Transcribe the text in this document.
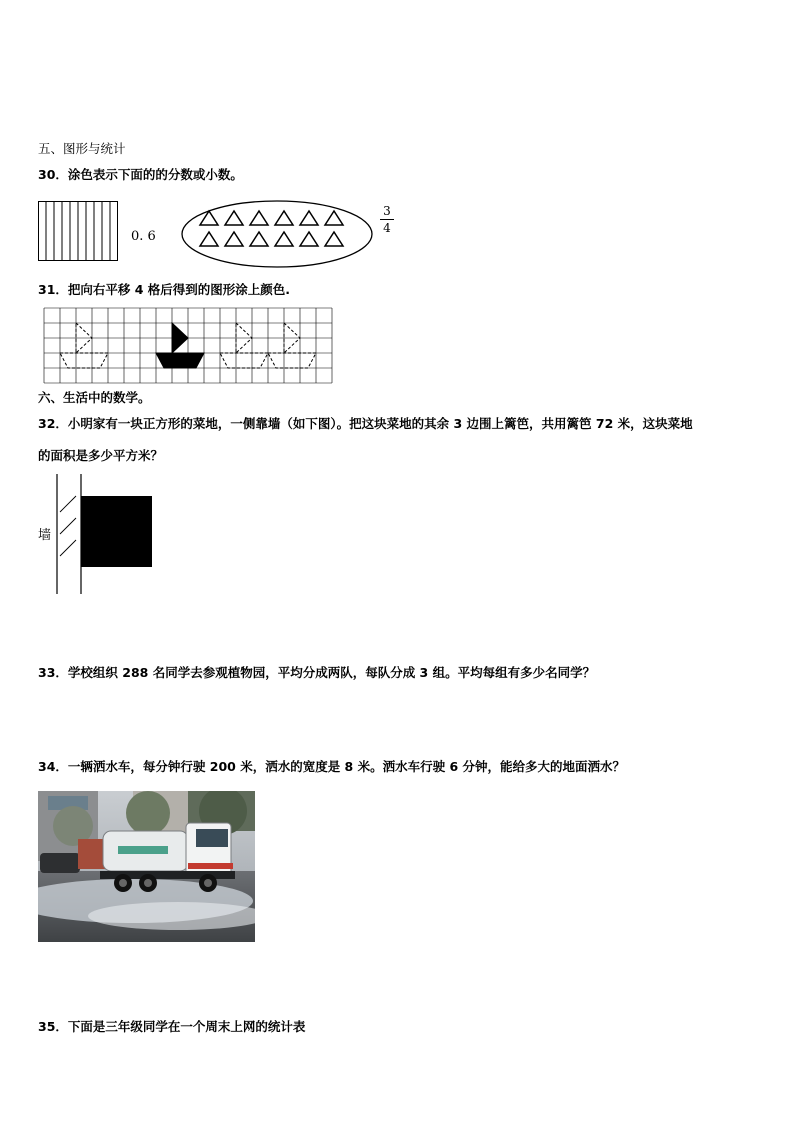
五、图形与统计
30．涂色表示下面的的分数或小数。
0. 6
3
4
31．把向右平移 4 格后得到的图形涂上颜色.
六、生活中的数学。
32．小明家有一块正方形的菜地，一侧靠墙（如下图）。把这块菜地的其余 3 边围上篱笆，共用篱笆 72 米，这块菜地
的面积是多少平方米？
墙
33．学校组织 288 名同学去参观植物园，平均分成两队，每队分成 3 组。平均每组有多少名同学？
34．一辆洒水车，每分钟行驶 200 米，洒水的宽度是 8 米。洒水车行驶 6 分钟，能给多大的地面洒水？
35．下面是三年级同学在一个周末上网的统计表
